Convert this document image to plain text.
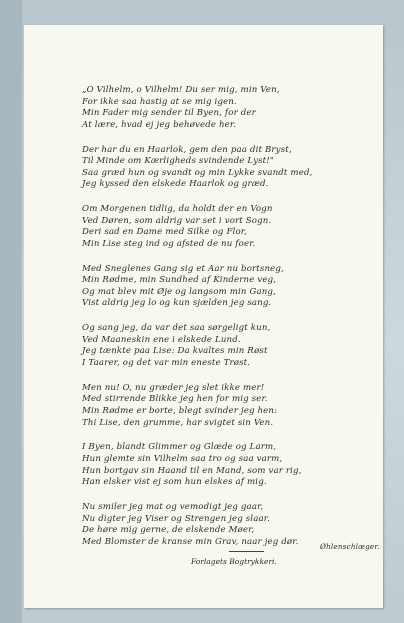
„O Vilhelm, o Vilhelm! Du ser mig, min Ven,
For ikke saa hastig at se mig igen.
Min Fader mig sender til Byen, for der
At lære, hvad ej jeg behøvede her.
Der har du en Haarlok, gem den paa dit Bryst,
Til Minde om Kærligheds svindende Lyst!"
Saa græd hun og svandt og min Lykke svandt med,
Jeg kyssed den elskede Haarlok og græd.
Om Morgenen tidlig, da holdt der en Vogn
Ved Døren, som aldrig var set i vort Sogn.
Deri sad en Dame med Silke og Flor,
Min Lise steg ind og afsted de nu foer.
Med Sneglenes Gang sig et Aar nu bortsneg,
Min Rødme, min Sundhed af Kinderne veg,
Og mat blev mit Øje og langsom min Gang,
Vist aldrig jeg lo og kun sjælden jeg sang.
Og sang jeg, da var det saa sørgeligt kun,
Ved Maaneskin ene i elskede Lund.
Jeg tænkte paa Lise: Da kvaltes min Røst
I Taarer, og det var min eneste Trøst.
Men nu! O, nu græder jeg slet ikke mer!
Med stirrende Blikke jeg hen for mig ser.
Min Rødme er borte, blegt svinder jeg hen:
Thi Lise, den grumme, har svigtet sin Ven.
I Byen, blandt Glimmer og Glæde og Larm,
Hun glemte sin Vilhelm saa tro og saa varm,
Hun bortgav sin Haand til en Mand, som var rig,
Han elsker vist ej som hun elskes af mig.
Nu smiler jeg mat og vemodigt jeg gaar,
Nu digter jeg Viser og Strengen jeg slaar.
De høre mig gerne, de elskende Møer,
Med Blomster de kranse min Grav, naar jeg dør.	Øhlenschlæger.
Forlagets Bogtrykkeri.
